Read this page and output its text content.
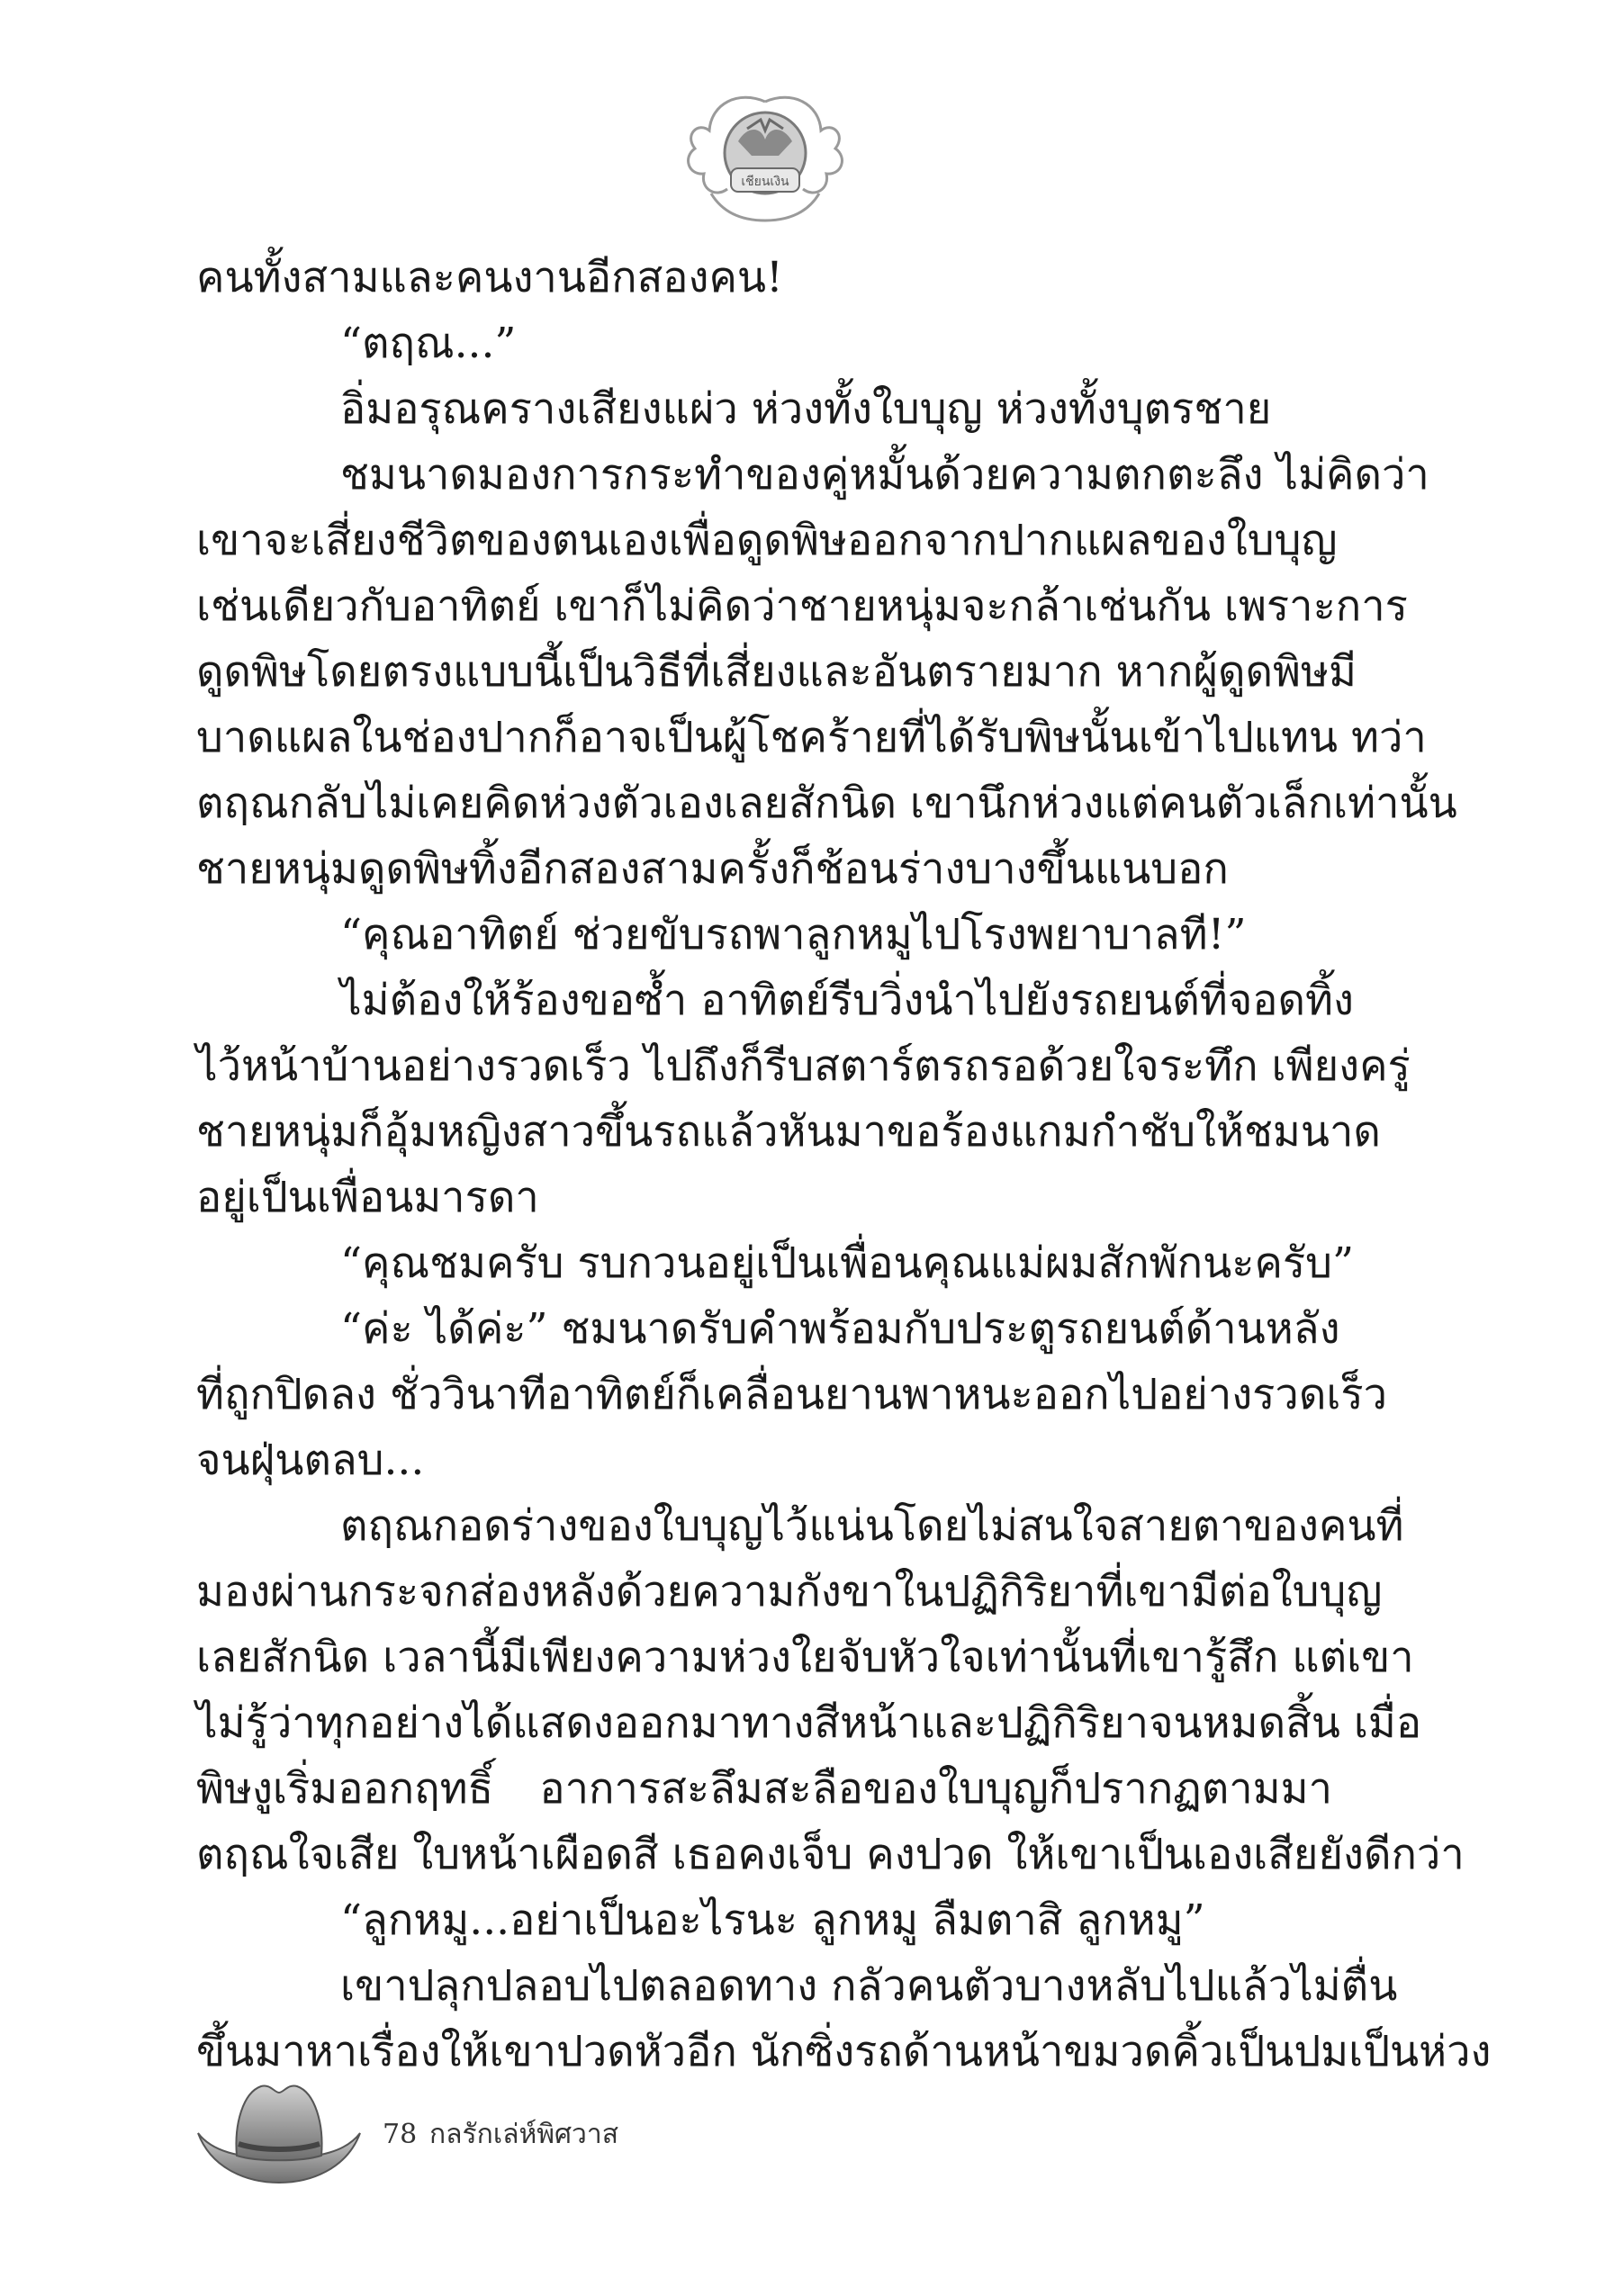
เชียนเงิน
คนทั้งสามและคนงานอีกสองคน!
“ตฤณ...”
อิ่มอรุณครางเสียงแผ่ว ห่วงทั้งใบบุญ ห่วงทั้งบุตรชาย
ชมนาดมองการกระทำของคู่หมั้นด้วยความตกตะลึง ไม่คิดว่า
เขาจะเสี่ยงชีวิตของตนเองเพื่อดูดพิษออกจากปากแผลของใบบุญ
เช่นเดียวกับอาทิตย์ เขาก็ไม่คิดว่าชายหนุ่มจะกล้าเช่นกัน เพราะการ
ดูดพิษโดยตรงแบบนี้เป็นวิธีที่เสี่ยงและอันตรายมาก หากผู้ดูดพิษมี
บาดแผลในช่องปากก็อาจเป็นผู้โชคร้ายที่ได้รับพิษนั้นเข้าไปแทน ทว่า
ตฤณกลับไม่เคยคิดห่วงตัวเองเลยสักนิด เขานึกห่วงแต่คนตัวเล็กเท่านั้น
ชายหนุ่มดูดพิษทิ้งอีกสองสามครั้งก็ช้อนร่างบางขึ้นแนบอก
“คุณอาทิตย์ ช่วยขับรถพาลูกหมูไปโรงพยาบาลที!”
ไม่ต้องให้ร้องขอซ้ำ อาทิตย์รีบวิ่งนำไปยังรถยนต์ที่จอดทิ้ง
ไว้หน้าบ้านอย่างรวดเร็ว ไปถึงก็รีบสตาร์ตรถรอด้วยใจระทึก เพียงครู่
ชายหนุ่มก็อุ้มหญิงสาวขึ้นรถแล้วหันมาขอร้องแกมกำชับให้ชมนาด
อยู่เป็นเพื่อนมารดา
“คุณชมครับ รบกวนอยู่เป็นเพื่อนคุณแม่ผมสักพักนะครับ”
“ค่ะ ได้ค่ะ” ชมนาดรับคำพร้อมกับประตูรถยนต์ด้านหลัง
ที่ถูกปิดลง ชั่ววินาทีอาทิตย์ก็เคลื่อนยานพาหนะออกไปอย่างรวดเร็ว
จนฝุ่นตลบ...
ตฤณกอดร่างของใบบุญไว้แน่นโดยไม่สนใจสายตาของคนที่
มองผ่านกระจกส่องหลังด้วยความกังขาในปฏิกิริยาที่เขามีต่อใบบุญ
เลยสักนิด เวลานี้มีเพียงความห่วงใยจับหัวใจเท่านั้นที่เขารู้สึก แต่เขา
ไม่รู้ว่าทุกอย่างได้แสดงออกมาทางสีหน้าและปฏิกิริยาจนหมดสิ้น เมื่อ
พิษงูเริ่มออกฤทธิ์ อาการสะลึมสะลือของใบบุญก็ปรากฏตามมา
ตฤณใจเสีย ใบหน้าเผือดสี เธอคงเจ็บ คงปวด ให้เขาเป็นเองเสียยังดีกว่า
“ลูกหมู...อย่าเป็นอะไรนะ ลูกหมู ลืมตาสิ ลูกหมู”
เขาปลุกปลอบไปตลอดทาง กลัวคนตัวบางหลับไปแล้วไม่ตื่น
ขึ้นมาหาเรื่องให้เขาปวดหัวอีก นักซิ่งรถด้านหน้าขมวดคิ้วเป็นปมเป็นห่วง
78 กลรักเล่ห์พิศวาส
